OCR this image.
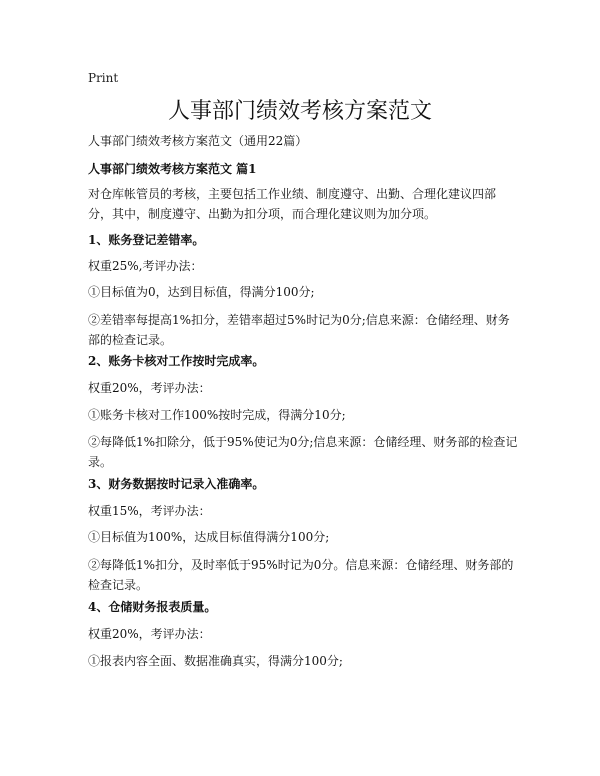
Print
人事部门绩效考核方案范文
人事部门绩效考核方案范文（通用22篇）
人事部门绩效考核方案范文 篇1

对仓库帐管员的考核，主要包括工作业绩、制度遵守、出勤、合理化建议四部分，其中，制度遵守、出勤为扣分项，而合理化建议则为加分项。

1、账务登记差错率。

权重25%,考评办法：

①目标值为0，达到目标值，得满分100分;

②差错率每提高1%扣分，差错率超过5%时记为0分;信息来源：仓储经理、财务部的检查记录。

2、账务卡核对工作按时完成率。

权重20%，考评办法：

①账务卡核对工作100%按时完成，得满分10分;

②每降低1%扣除分，低于95%使记为0分;信息来源：仓储经理、财务部的检查记录。

3、财务数据按时记录入准确率。

权重15%，考评办法：

①目标值为100%，达成目标值得满分100分;

②每降低1%扣分，及时率低于95%时记为0分。信息来源：仓储经理、财务部的检查记录。

4、仓储财务报表质量。

权重20%，考评办法：

①报表内容全面、数据准确真实，得满分100分;
